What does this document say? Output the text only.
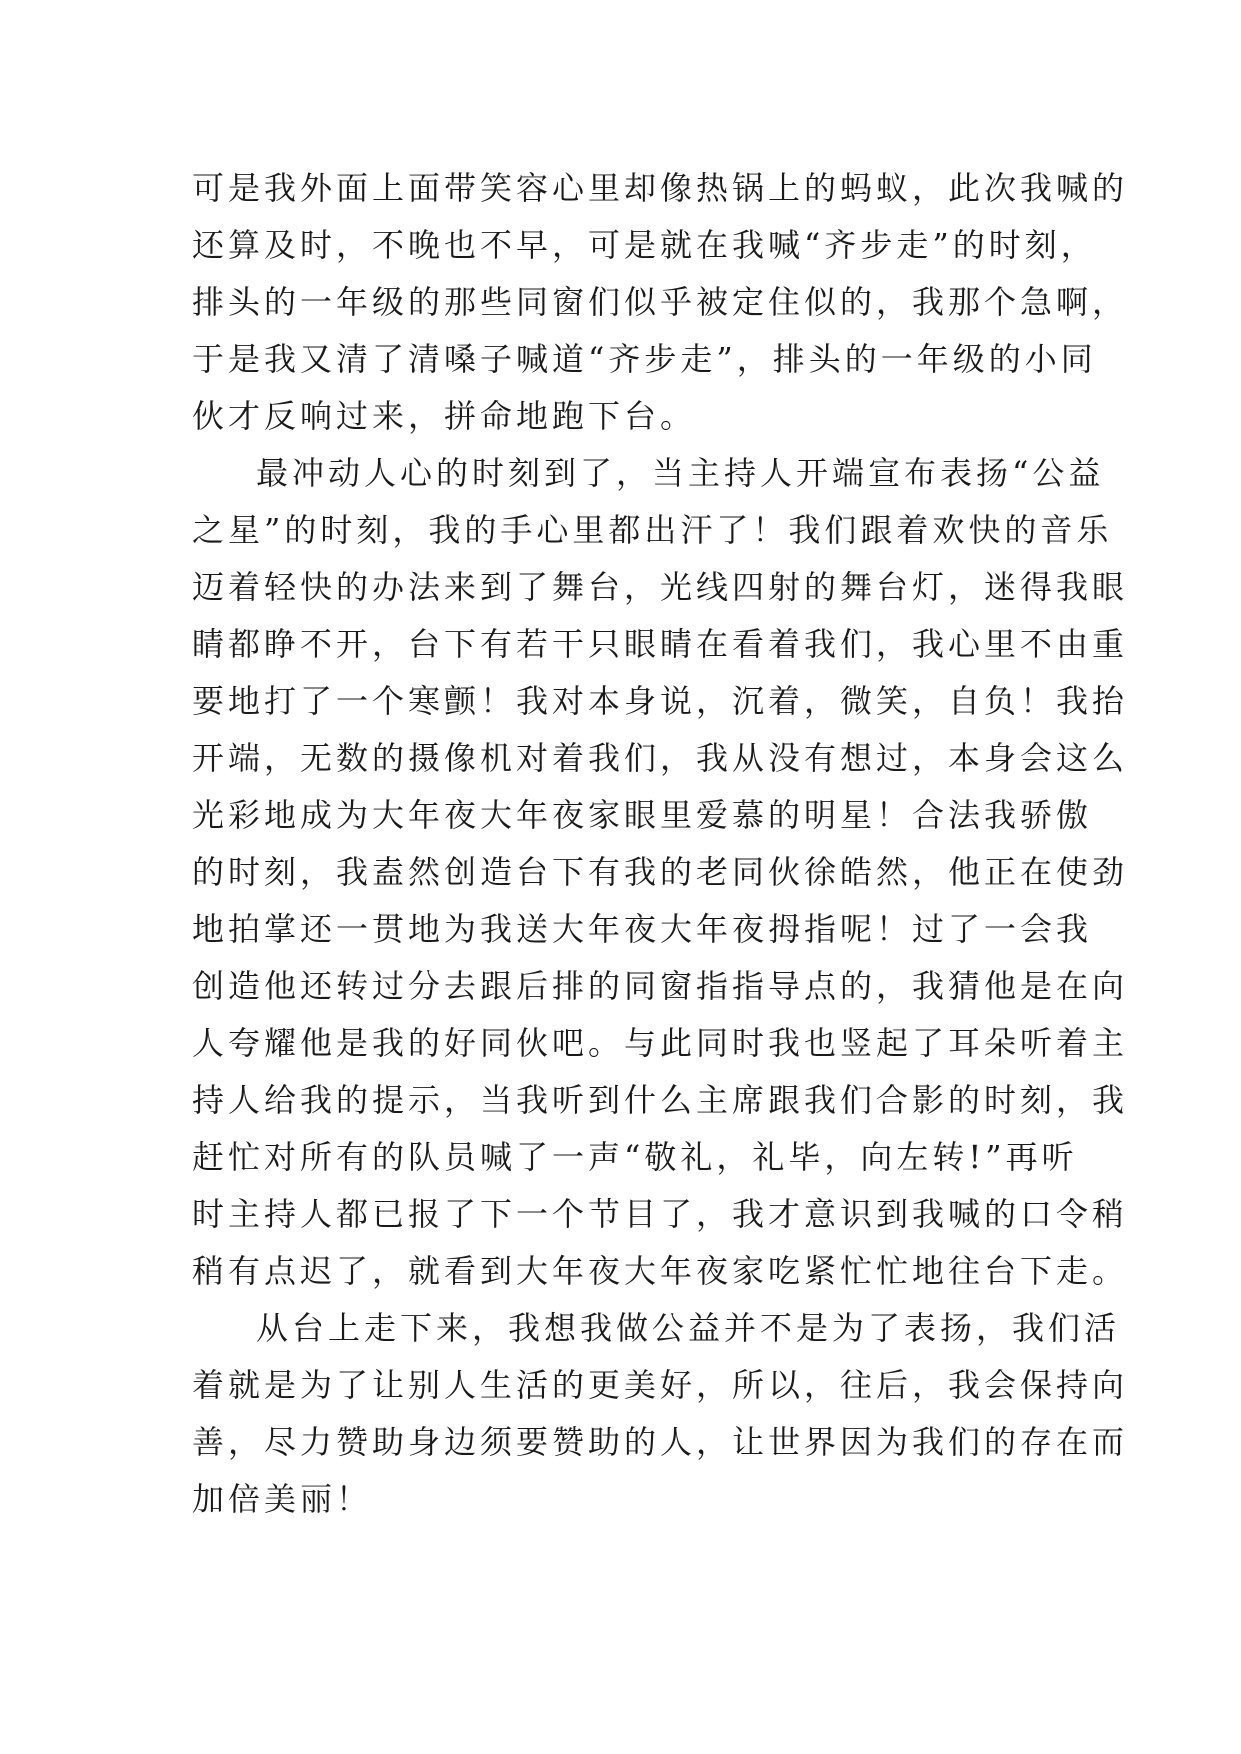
可是我外面上面带笑容心里却像热锅上的蚂蚁，此次我喊的
还算及时，不晚也不早，可是就在我喊“齐步走”的时刻，
排头的一年级的那些同窗们似乎被定住似的，我那个急啊，
于是我又清了清嗓子喊道“齐步走”，排头的一年级的小同
伙才反响过来，拼命地跑下台。
最冲动人心的时刻到了，当主持人开端宣布表扬“公益
之星”的时刻，我的手心里都出汗了！我们跟着欢快的音乐
迈着轻快的办法来到了舞台，光线四射的舞台灯，迷得我眼
睛都睁不开，台下有若干只眼睛在看着我们，我心里不由重
要地打了一个寒颤！我对本身说，沉着，微笑，自负！我抬
开端，无数的摄像机对着我们，我从没有想过，本身会这么
光彩地成为大年夜大年夜家眼里爱慕的明星！合法我骄傲
的时刻，我盍然创造台下有我的老同伙徐皓然，他正在使劲
地拍掌还一贯地为我送大年夜大年夜拇指呢！过了一会我
创造他还转过分去跟后排的同窗指指导点的，我猜他是在向
人夸耀他是我的好同伙吧。与此同时我也竖起了耳朵听着主
持人给我的提示，当我听到什么主席跟我们合影的时刻，我
赶忙对所有的队员喊了一声“敬礼，礼毕，向左转!”再听
时主持人都已报了下一个节目了，我才意识到我喊的口令稍
稍有点迟了，就看到大年夜大年夜家吃紧忙忙地往台下走。
从台上走下来，我想我做公益并不是为了表扬，我们活
着就是为了让别人生活的更美好，所以，往后，我会保持向
善，尽力赞助身边须要赞助的人，让世界因为我们的存在而
加倍美丽！
